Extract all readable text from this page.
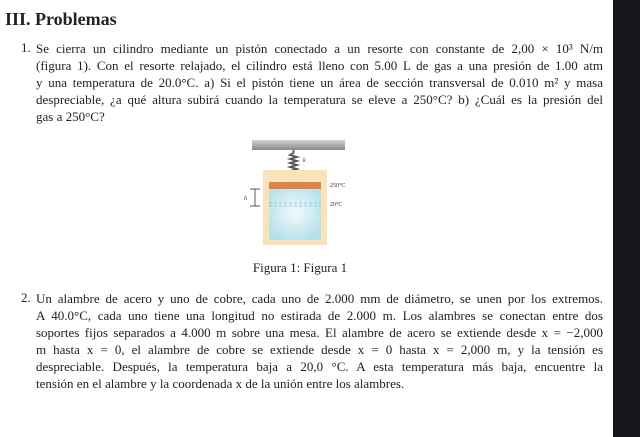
III. Problemas
1. Se cierra un cilindro mediante un pistón conectado a un resorte con constante de 2,00 × 10³ N/m
(figura 1). Con el resorte relajado, el cilindro está lleno con 5.00 L de gas a una presión de 1.00 atm
y una temperatura de 20.0°C. a) Si el pistón tiene un área de sección transversal de 0.010 m² y masa
despreciable, ¿a qué altura subirá cuando la temperatura se eleve a 250°C? b) ¿Cuál es la presión del
gas a 250°C?
k
h
250°C
20°C
Figura 1: Figura 1
2. Un alambre de acero y uno de cobre, cada uno de 2.000 mm de diámetro, se unen por los extremos.
A 40.0°C, cada uno tiene una longitud no estirada de 2.000 m. Los alambres se conectan entre dos
soportes fijos separados a 4.000 m sobre una mesa. El alambre de acero se extiende desde x = −2,000
m hasta x = 0, el alambre de cobre se extiende desde x = 0 hasta x = 2,000 m, y la tensión es
despreciable. Después, la temperatura baja a 20,0 °C. A esta temperatura más baja, encuentre la
tensión en el alambre y la coordenada x de la unión entre los alambres.
